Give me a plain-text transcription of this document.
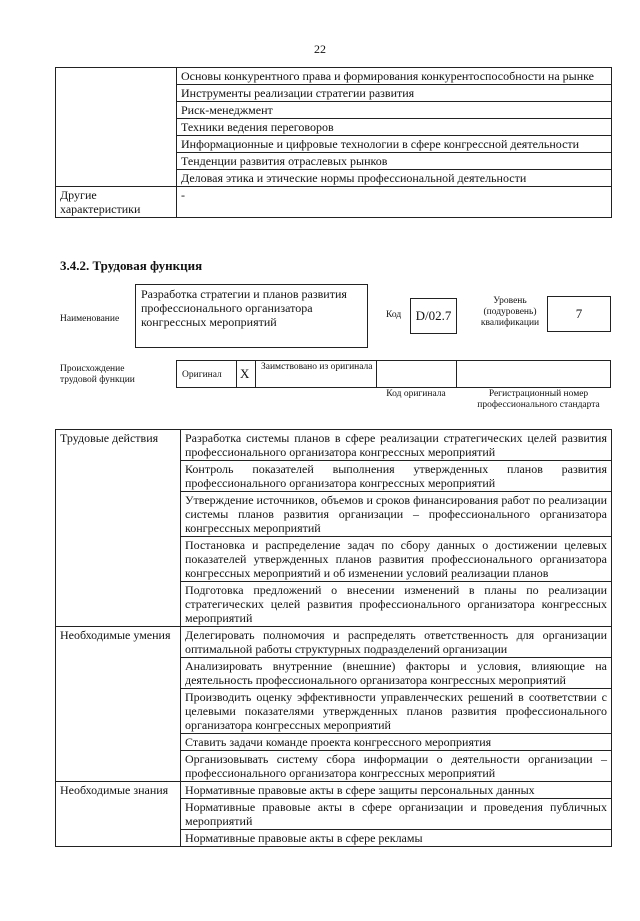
22
	Основы конкурентного права и формирования конкурентоспособности на рынке
	Инструменты реализации стратегии развития
	Риск-менеджмент
	Техники ведения переговоров
	Информационные и цифровые технологии в сфере конгрессной деятельности
	Тенденции развития отраслевых рынков
	Деловая этика и этические нормы профессиональной деятельности
Другие характеристики	-
3.4.2. Трудовая функция
Наименование
Разработка стратегии и планов развития профессионального организатора конгрессных мероприятий	Код	D/02.7
Уровень (подуровень) квалификации
7
Происхождение трудовой функции	Оригинал X Заимствовано из оригинала
Код оригинала	Регистрационный номер профессионального стандарта
Трудовые действия	Разработка системы планов в сфере реализации стратегических целей развития профессионального организатора конгрессных мероприятий
	Контроль показателей выполнения утвержденных планов развития профессионального организатора конгрессных мероприятий
	Утверждение источников, объемов и сроков финансирования работ по реализации системы планов развития организации – профессионального организатора конгрессных мероприятий
	Постановка и распределение задач по сбору данных о достижении целевых показателей утвержденных планов развития профессионального организатора конгрессных мероприятий и об изменении условий реализации планов
	Подготовка предложений о внесении изменений в планы по реализации стратегических целей развития профессионального организатора конгрессных мероприятий
Необходимые умения	Делегировать полномочия и распределять ответственность для организации оптимальной работы структурных подразделений организации
	Анализировать внутренние (внешние) факторы и условия, влияющие на деятельность профессионального организатора конгрессных мероприятий
	Производить оценку эффективности управленческих решений в соответствии с целевыми показателями утвержденных планов развития профессионального организатора конгрессных мероприятий
	Ставить задачи команде проекта конгрессного мероприятия
	Организовывать систему сбора информации о деятельности организации – профессионального организатора конгрессных мероприятий
Необходимые знания	Нормативные правовые акты в сфере защиты персональных данных
	Нормативные правовые акты в сфере организации и проведения публичных мероприятий
	Нормативные правовые акты в сфере рекламы
